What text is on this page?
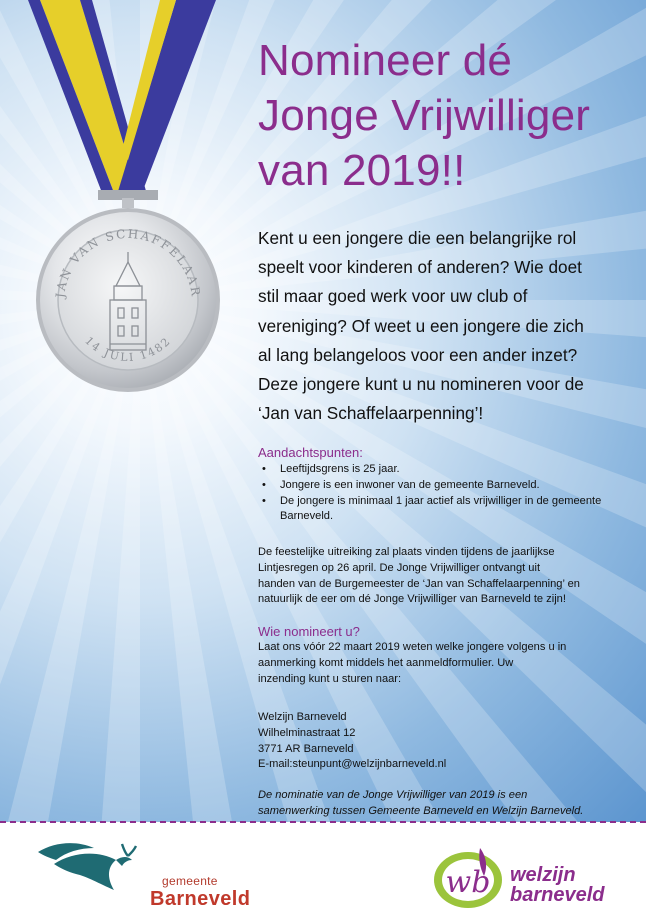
JAN VAN SCHAFFELAAR
14 JULI 1482
Nomineer dé
Jonge Vrijwilliger
van 2019!!
Kent u een jongere die een belangrijke rol
speelt voor kinderen of anderen? Wie doet
stil maar goed werk voor uw club of
vereniging? Of weet u een jongere die zich
al lang belangeloos voor een ander inzet?
Deze jongere kunt u nu nomineren voor de
‘Jan van Schaffelaarpenning’!
Aandachtspunten:
• Leeftijdsgrens is 25 jaar.
• Jongere is een inwoner van de gemeente Barneveld.
• De jongere is minimaal 1 jaar actief als vrijwilliger in de gemeente Barneveld.
De feestelijke uitreiking zal plaats vinden tijdens de jaarlijkse
Lintjesregen op 26 april. De Jonge Vrijwilliger ontvangt uit
handen van de Burgemeester de ‘Jan van Schaffelaarpenning’ en
natuurlijk de eer om dé Jonge Vrijwilliger van Barneveld te zijn!
Wie nomineert u?
Laat ons vóór 22 maart 2019 weten welke jongere volgens u in
aanmerking komt middels het aanmeldformulier. Uw
inzending kunt u sturen naar:
Welzijn Barneveld
Wilhelminastraat 12
3771 AR Barneveld
E-mail:steunpunt@welzijnbarneveld.nl
De nominatie van de Jonge Vrijwilliger van 2019 is een
samenwerking tussen Gemeente Barneveld en Welzijn Barneveld.
gemeente
Barneveld	wb welzijn
barneveld
